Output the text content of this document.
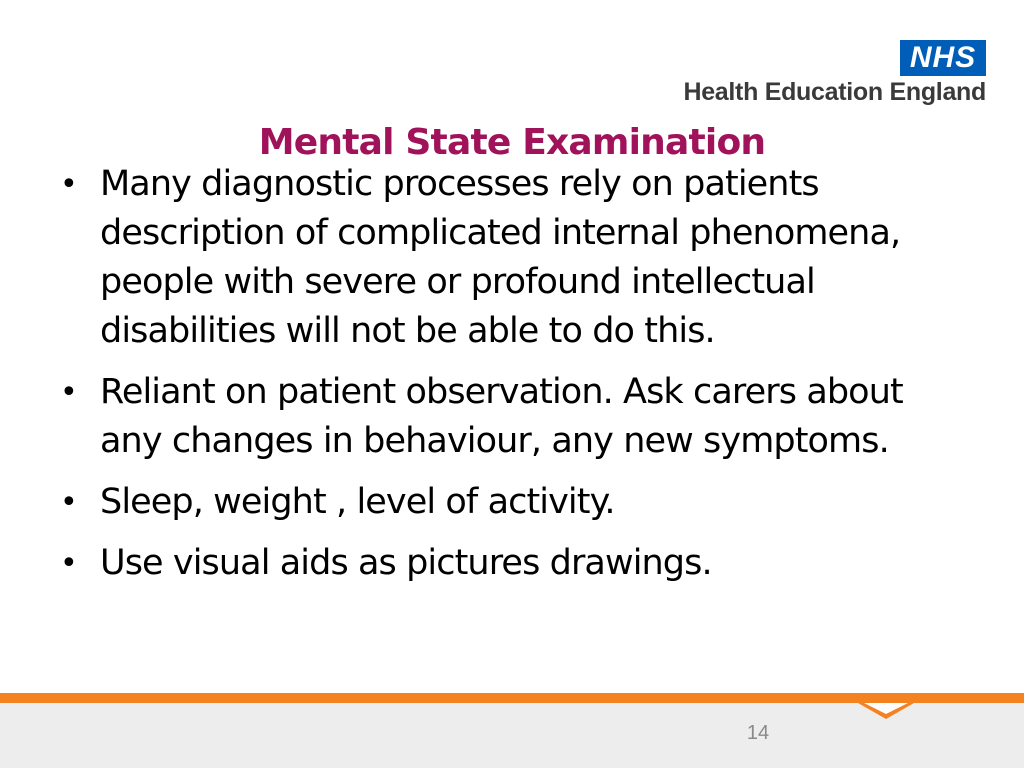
NHS
Health Education England
Mental State Examination
• Many diagnostic processes rely on patients description of complicated internal phenomena, people with severe or profound intellectual disabilities will not be able to do this.
• Reliant on patient observation. Ask carers about any changes in behaviour, any new symptoms.
• Sleep, weight , level of activity.
• Use visual aids as pictures drawings.
14
